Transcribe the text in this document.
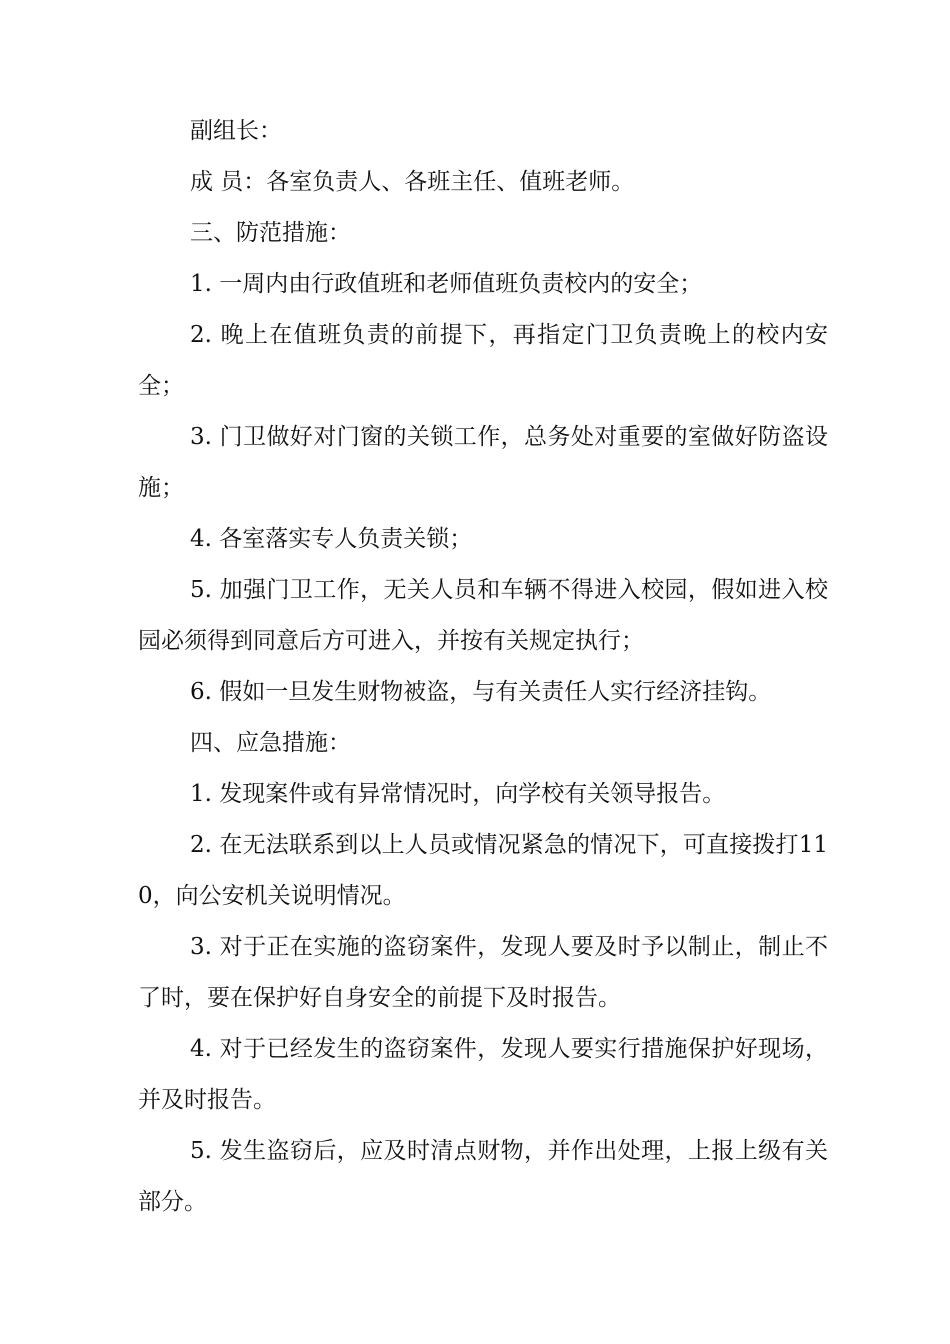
副组长：

成 员：各室负责人、各班主任、值班老师。

三、防范措施：

1. 一周内由行政值班和老师值班负责校内的安全；

2. 晚上在值班负责的前提下，再指定门卫负责晚上的校内安全；

3. 门卫做好对门窗的关锁工作，总务处对重要的室做好防盗设施；

4. 各室落实专人负责关锁；

5. 加强门卫工作，无关人员和车辆不得进入校园，假如进入校园必须得到同意后方可进入，并按有关规定执行；

6. 假如一旦发生财物被盗，与有关责任人实行经济挂钩。

四、应急措施：

1. 发现案件或有异常情况时，向学校有关领导报告。

2. 在无法联系到以上人员或情况紧急的情况下，可直接拨打110，向公安机关说明情况。

3. 对于正在实施的盗窃案件，发现人要及时予以制止，制止不了时，要在保护好自身安全的前提下及时报告。

4. 对于已经发生的盗窃案件，发现人要实行措施保护好现场，并及时报告。

5. 发生盗窃后，应及时清点财物，并作出处理，上报上级有关部分。
